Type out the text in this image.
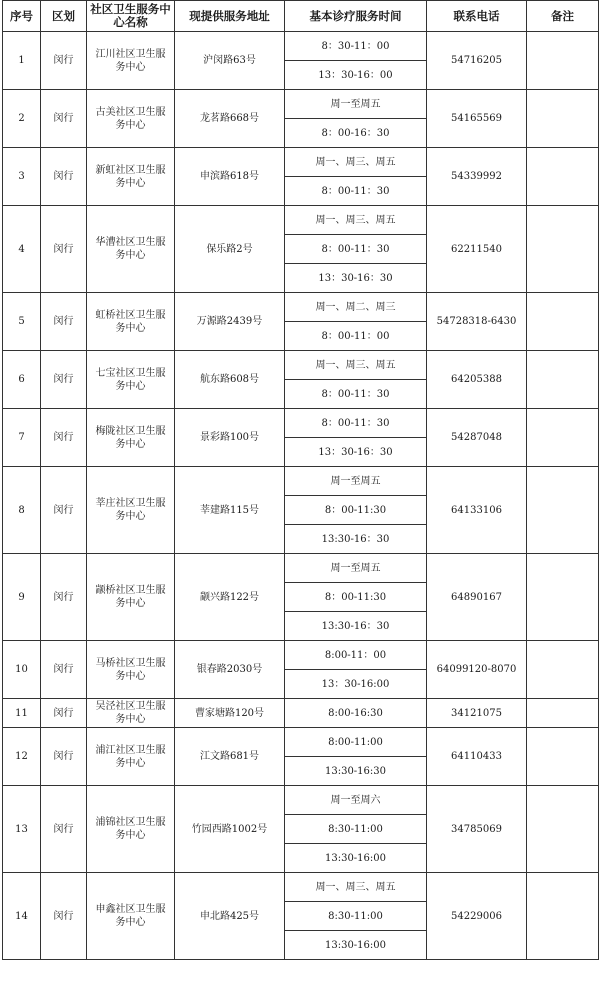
序号	区划	社区卫生服务中心名称	现提供服务地址	基本诊疗服务时间	联系电话	备注
1	闵行	江川社区卫生服务中心	沪闵路63号	8：30-11：00	54716205	
				13：30-16：00		
2	闵行	古美社区卫生服务中心	龙茗路668号	周一至周五	54165569	
				8：00-16：30		
3	闵行	新虹社区卫生服务中心	申滨路618号	周一、周三、周五	54339992	
				8：00-11：30		
4	闵行	华漕社区卫生服务中心	保乐路2号	周一、周三、周五	62211540	
				8：00-11：30		
				13：30-16：30		
5	闵行	虹桥社区卫生服务中心	万源路2439号	周一、周二、周三	54728318-6430	
				8：00-11：00		
6	闵行	七宝社区卫生服务中心	航东路608号	周一、周三、周五	64205388	
				8：00-11：30		
7	闵行	梅陇社区卫生服务中心	景彩路100号	8：00-11：30	54287048	
				13：30-16：30		
8	闵行	莘庄社区卫生服务中心	莘建路115号	周一至周五	64133106	
				8：00-11:30		
				13:30-16：30		
9	闵行	颛桥社区卫生服务中心	颛兴路122号	周一至周五	64890167	
				8：00-11:30		
				13:30-16：30		
10	闵行	马桥社区卫生服务中心	银春路2030号	8:00-11：00	64099120-8070	
				13：30-16:00		
11	闵行	吴泾社区卫生服务中心	曹家塘路120号	8:00-16:30	34121075	
12	闵行	浦江社区卫生服务中心	江文路681号	8:00-11:00	64110433	
				13:30-16:30		
13	闵行	浦锦社区卫生服务中心	竹园西路1002号	周一至周六	34785069	
				8:30-11:00		
				13:30-16:00		
14	闵行	申鑫社区卫生服务中心	申北路425号	周一、周三、周五	54229006	
				8:30-11:00		
				13:30-16:00		
